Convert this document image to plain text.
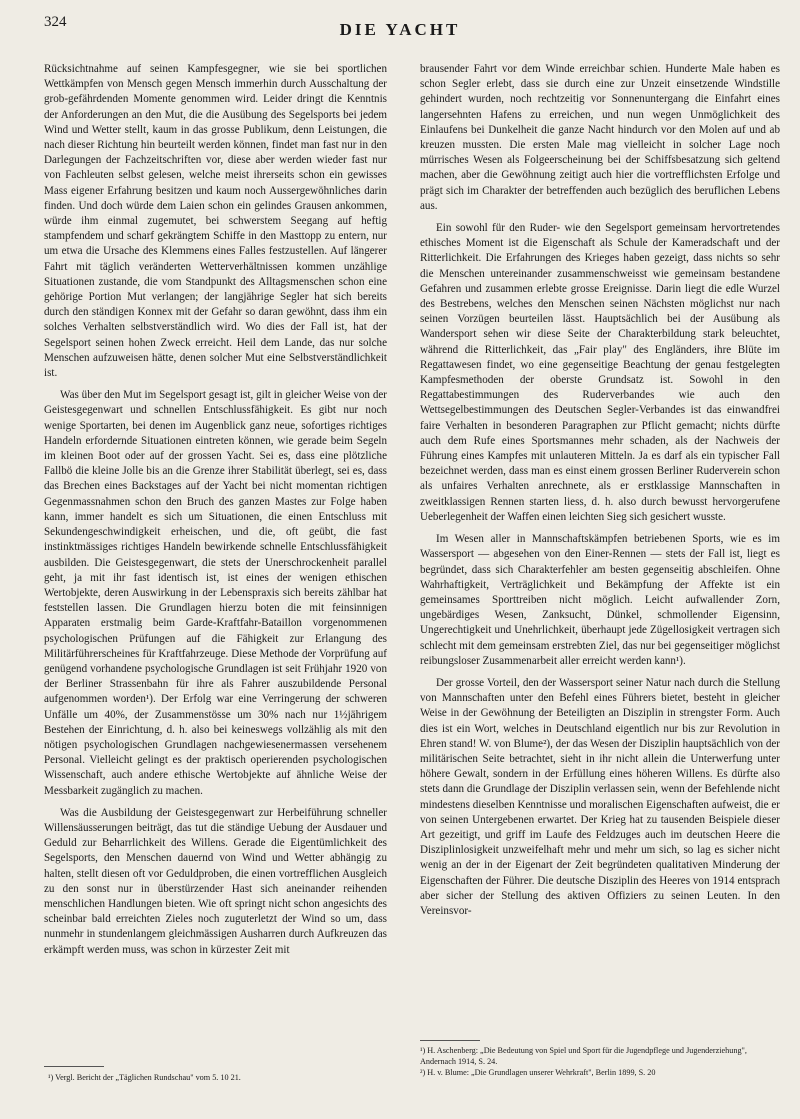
324	DIE YACHT

Rücksichtnahme auf seinen Kampfesgegner, wie sie bei sportlichen Wettkämpfen von Mensch gegen Mensch immerhin durch Ausschaltung der grob-gefährdenden Momente genommen wird. Leider dringt die Kenntnis der Anforderungen an den Mut, die die Ausübung des Segelsports bei jedem Wind und Wetter stellt, kaum in das grosse Publikum, denn Leistungen, die nach dieser Richtung hin beurteilt werden können, findet man fast nur in den Darlegungen der Fachzeitschriften vor, diese aber werden wieder fast nur von Fachleuten selbst gelesen, welche meist ihrerseits schon ein gewisses Mass eigener Erfahrung besitzen und kaum noch Aussergewöhnliches darin finden. Und doch würde dem Laien schon ein gelindes Grausen ankommen, würde ihm einmal zugemutet, bei schwerstem Seegang auf heftig stampfendem und scharf gekrängtem Schiffe in den Masttopp zu entern, nur um etwa die Ursache des Klemmens eines Falles festzustellen. Auf längerer Fahrt mit täglich veränderten Wetterverhältnissen kommen unzählige Situationen zustande, die vom Standpunkt des Alltagsmenschen schon eine gehörige Portion Mut verlangen; der langjährige Segler hat sich bereits durch den ständigen Konnex mit der Gefahr so daran gewöhnt, dass ihm ein solches Verhalten selbstverständlich wird. Wo dies der Fall ist, hat der Segelsport seinen hohen Zweck erreicht. Heil dem Lande, das nur solche Menschen aufzuweisen hätte, denen solcher Mut eine Selbstverständlichkeit ist.

Was über den Mut im Segelsport gesagt ist, gilt in gleicher Weise von der Geistesgegenwart und schnellen Entschlussfähigkeit. Es gibt nur noch wenige Sportarten, bei denen im Augenblick ganz neue, sofortiges richtiges Handeln erfordernde Situationen eintreten können, wie gerade beim Segeln im kleinen Boot oder auf der grossen Yacht. Sei es, dass eine plötzliche Fallbö die kleine Jolle bis an die Grenze ihrer Stabilität überlegt, sei es, dass das Brechen eines Backstages auf der Yacht bei nicht momentan richtigen Gegenmassnahmen schon den Bruch des ganzen Mastes zur Folge haben kann, immer handelt es sich um Situationen, die einen Entschluss mit Sekundengeschwindigkeit erheischen, und die, oft geübt, die fast instinktmässiges richtiges Handeln bewirkende schnelle Entschlussfähigkeit ausbilden. Die Geistesgegenwart, die stets der Unerschrockenheit parallel geht, ja mit ihr fast identisch ist, ist eines der wenigen ethischen Wertobjekte, deren Auswirkung in der Lebenspraxis sich bereits zählbar hat feststellen lassen. Die Grundlagen hierzu boten die mit feinsinnigen Apparaten erstmalig beim Garde-Kraftfahr-Bataillon vorgenommenen psychologischen Prüfungen auf die Fähigkeit zur Erlangung des Militärführerscheines für Kraftfahrzeuge. Diese Methode der Vorprüfung auf genügend vorhandene psychologische Grundlagen ist seit Frühjahr 1920 von der Berliner Strassenbahn für ihre als Fahrer auszubildende Personal aufgenommen worden¹). Der Erfolg war eine Verringerung der schweren Unfälle um 40%, der Zusammenstösse um 30% nach nur 1½jährigem Bestehen der Einrichtung, d. h. also bei keineswegs vollzählig als mit den nötigen psychologischen Grundlagen nachgewiesenermassen versehenem Personal. Vielleicht gelingt es der praktisch operierenden psychologischen Wissenschaft, auch andere ethische Wertobjekte auf ähnliche Weise der Messbarkeit zugänglich zu machen.

Was die Ausbildung der Geistesgegenwart zur Herbeiführung schneller Willensäusserungen beiträgt, das tut die ständige Uebung der Ausdauer und Geduld zur Beharrlichkeit des Willens. Gerade die Eigentümlichkeit des Segelsports, den Menschen dauernd von Wind und Wetter abhängig zu halten, stellt diesen oft vor Geduldproben, die einen vortrefflichen Ausgleich zu den sonst nur in überstürzender Hast sich aneinander reihenden menschlichen Handlungen bieten. Wie oft springt nicht schon angesichts des scheinbar bald erreichten Zieles noch zuguterletzt der Wind so um, dass nunmehr in stundenlangem gleichmässigen Ausharren durch Aufkreuzen das erkämpft werden muss, was schon in kürzester Zeit mit

brausender Fahrt vor dem Winde erreichbar schien. Hunderte Male haben es schon Segler erlebt, dass sie durch eine zur Unzeit einsetzende Windstille gehindert wurden, noch rechtzeitig vor Sonnenuntergang die Einfahrt eines langersehnten Hafens zu erreichen, und nun wegen Unmöglichkeit des Einlaufens bei Dunkelheit die ganze Nacht hindurch vor den Molen auf und ab kreuzen mussten. Die ersten Male mag vielleicht in solcher Lage noch mürrisches Wesen als Folgeerscheinung bei der Schiffsbesatzung sich geltend machen, aber die Gewöhnung zeitigt auch hier die vortrefflichsten Erfolge und prägt sich im Charakter der betreffenden auch bezüglich des beruflichen Lebens aus.

Ein sowohl für den Ruder- wie den Segelsport gemeinsam hervortretendes ethisches Moment ist die Eigenschaft als Schule der Kameradschaft und der Ritterlichkeit. Die Erfahrungen des Krieges haben gezeigt, dass nichts so sehr die Menschen untereinander zusammenschweisst wie gemeinsam bestandene Gefahren und zusammen erlebte grosse Ereignisse. Darin liegt die edle Wurzel des Bestrebens, welches den Menschen seinen Nächsten möglichst nur nach seinen Vorzügen beurteilen lässt. Hauptsächlich bei der Ausübung als Wandersport sehen wir diese Seite der Charakterbildung stark beleuchtet, während die Ritterlichkeit, das „Fair play" des Engländers, ihre Blüte im Regattawesen findet, wo eine gegenseitige Beachtung der genau festgelegten Kampfesmethoden der oberste Grundsatz ist. Sowohl in den Regattabestimmungen des Ruderverbandes wie auch den Wettsegelbestimmungen des Deutschen Segler-Verbandes ist das einwandfrei faire Verhalten in besonderen Paragraphen zur Pflicht gemacht; nichts dürfte auch dem Rufe eines Sportsmannes mehr schaden, als der Nachweis der Führung eines Kampfes mit unlauteren Mitteln. Ja es darf als ein typischer Fall bezeichnet werden, dass man es einst einem grossen Berliner Ruderverein schon als unfaires Verhalten anrechnete, als er erstklassige Mannschaften in zweitklassigen Rennen starten liess, d. h. also durch bewusst hervorgerufene Ueberlegenheit der Waffen einen leichten Sieg sich gesichert wusste.

Im Wesen aller in Mannschaftskämpfen betriebenen Sports, wie es im Wassersport — abgesehen von den Einer-Rennen — stets der Fall ist, liegt es begründet, dass sich Charakterfehler am besten gegenseitig abschleifen. Ohne Wahrhaftigkeit, Verträglichkeit und Bekämpfung der Affekte ist ein gemeinsames Sporttreiben nicht möglich. Leicht aufwallender Zorn, ungebärdiges Wesen, Zanksucht, Dünkel, schmollender Eigensinn, Ungerechtigkeit und Unehrlichkeit, überhaupt jede Zügellosigkeit vertragen sich schlecht mit dem gemeinsam erstrebten Ziel, das nur bei gegenseitiger möglichst reibungsloser Zusammenarbeit aller erreicht werden kann¹).

Der grosse Vorteil, den der Wassersport seiner Natur nach durch die Stellung von Mannschaften unter den Befehl eines Führers bietet, besteht in gleicher Weise in der Gewöhnung der Beteiligten an Disziplin in strengster Form. Auch dies ist ein Wort, welches in Deutschland eigentlich nur bis zur Revolution in Ehren stand! W. von Blume²), der das Wesen der Disziplin hauptsächlich von der militärischen Seite betrachtet, sieht in ihr nicht allein die Unterwerfung unter höhere Gewalt, sondern in der Erfüllung eines höheren Willens. Es dürfte also stets dann die Grundlage der Disziplin verlassen sein, wenn der Befehlende nicht mindestens dieselben Kenntnisse und moralischen Eigenschaften aufweist, die er von seinen Untergebenen erwartet. Der Krieg hat zu tausenden Beispiele dieser Art gezeitigt, und griff im Laufe des Feldzuges auch im deutschen Heere die Disziplinlosigkeit unzweifelhaft mehr und mehr um sich, so lag es sicher nicht wenig an der in der Eigenart der Zeit begründeten qualitativen Minderung der Eigenschaften der Führer. Die deutsche Disziplin des Heeres von 1914 entsprach aber sicher der Stellung des aktiven Offiziers zu seinen Leuten. In den Vereinsvor-

¹) H. Aschenberg: „Die Bedeutung von Spiel und Sport für die Jugendpflege und Jugenderziehung", Andernach 1914, S. 24.
²) H. v. Blume: „Die Grundlagen unserer Wehrkraft", Berlin 1899, S. 20
¹) Vergl. Bericht der „Täglichen Rundschau" vom 5. 10 21.
